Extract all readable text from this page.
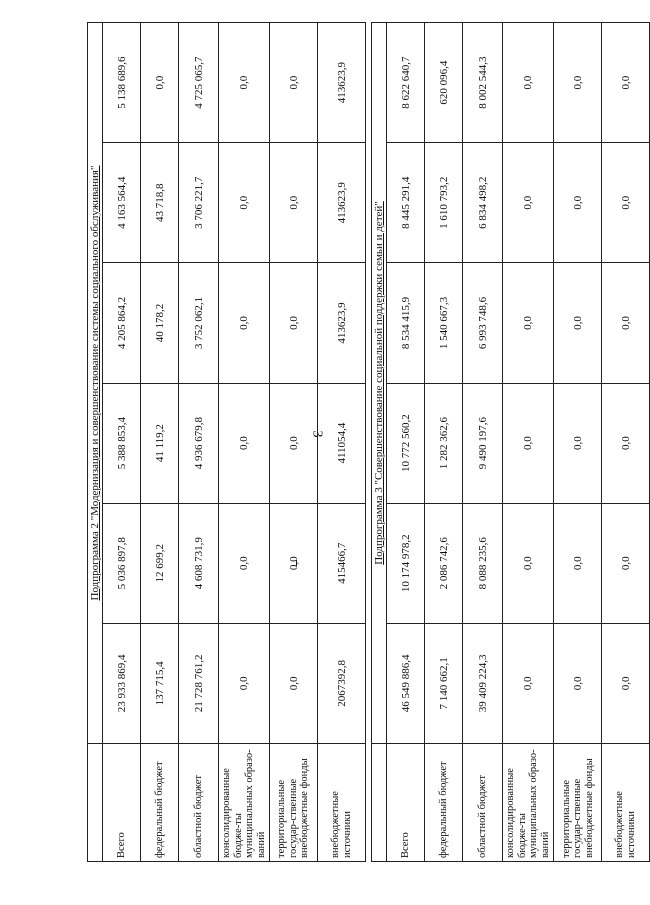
3
	Подпрограмма 2 "Модернизация и совершенствование системы социального обслуживания"					
Всего	23 933 869,4	5 036 897,8	5 388 853,4	4 205 864,2	4 163 564,4	5 138 689,6
федеральный бюджет	137 715,4	12 699,2	41 119,2	40 178,2	43 718,8	0,0
областной бюджет	21 728 761,2	4 608 731,9	4 936 679,8	3 752 062,1	3 706 221,7	4 725 065,7
консолидированные бюдже-ты муниципальных образо-ваний	0,0	0,0	0,0	0,0	0,0	0,0
территориальные государ-ственные внебюджетные фонды	0,0	0,0	0,0	0,0	0,0	0,0
внебюджетные источники	2067392,8	415466,7	411054,4	413623,9	413623,9	413623,9

	Подпрограмма 3 "Совершенствование социальной поддержки семьи и детей"					
Всего	46 549 886,4	10 174 978,2	10 772 560,2	8 534 415,9	8 445 291,4	8 622 640,7
федеральный бюджет	7 140 662,1	2 086 742,6	1 282 362,6	1 540 667,3	1 610 793,2	620 096,4
областной бюджет	39 409 224,3	8 088 235,6	9 490 197,6	6 993 748,6	6 834 498,2	8 002 544,3
консолидированные бюдже-ты муниципальных образо-ваний	0,0	0,0	0,0	0,0	0,0	0,0
территориальные государ-ственные внебюджетные фонды	0,0	0,0	0,0	0,0	0,0	0,0
внебюджетные источники	0,0	0,0	0,0	0,0	0,0	0,0
